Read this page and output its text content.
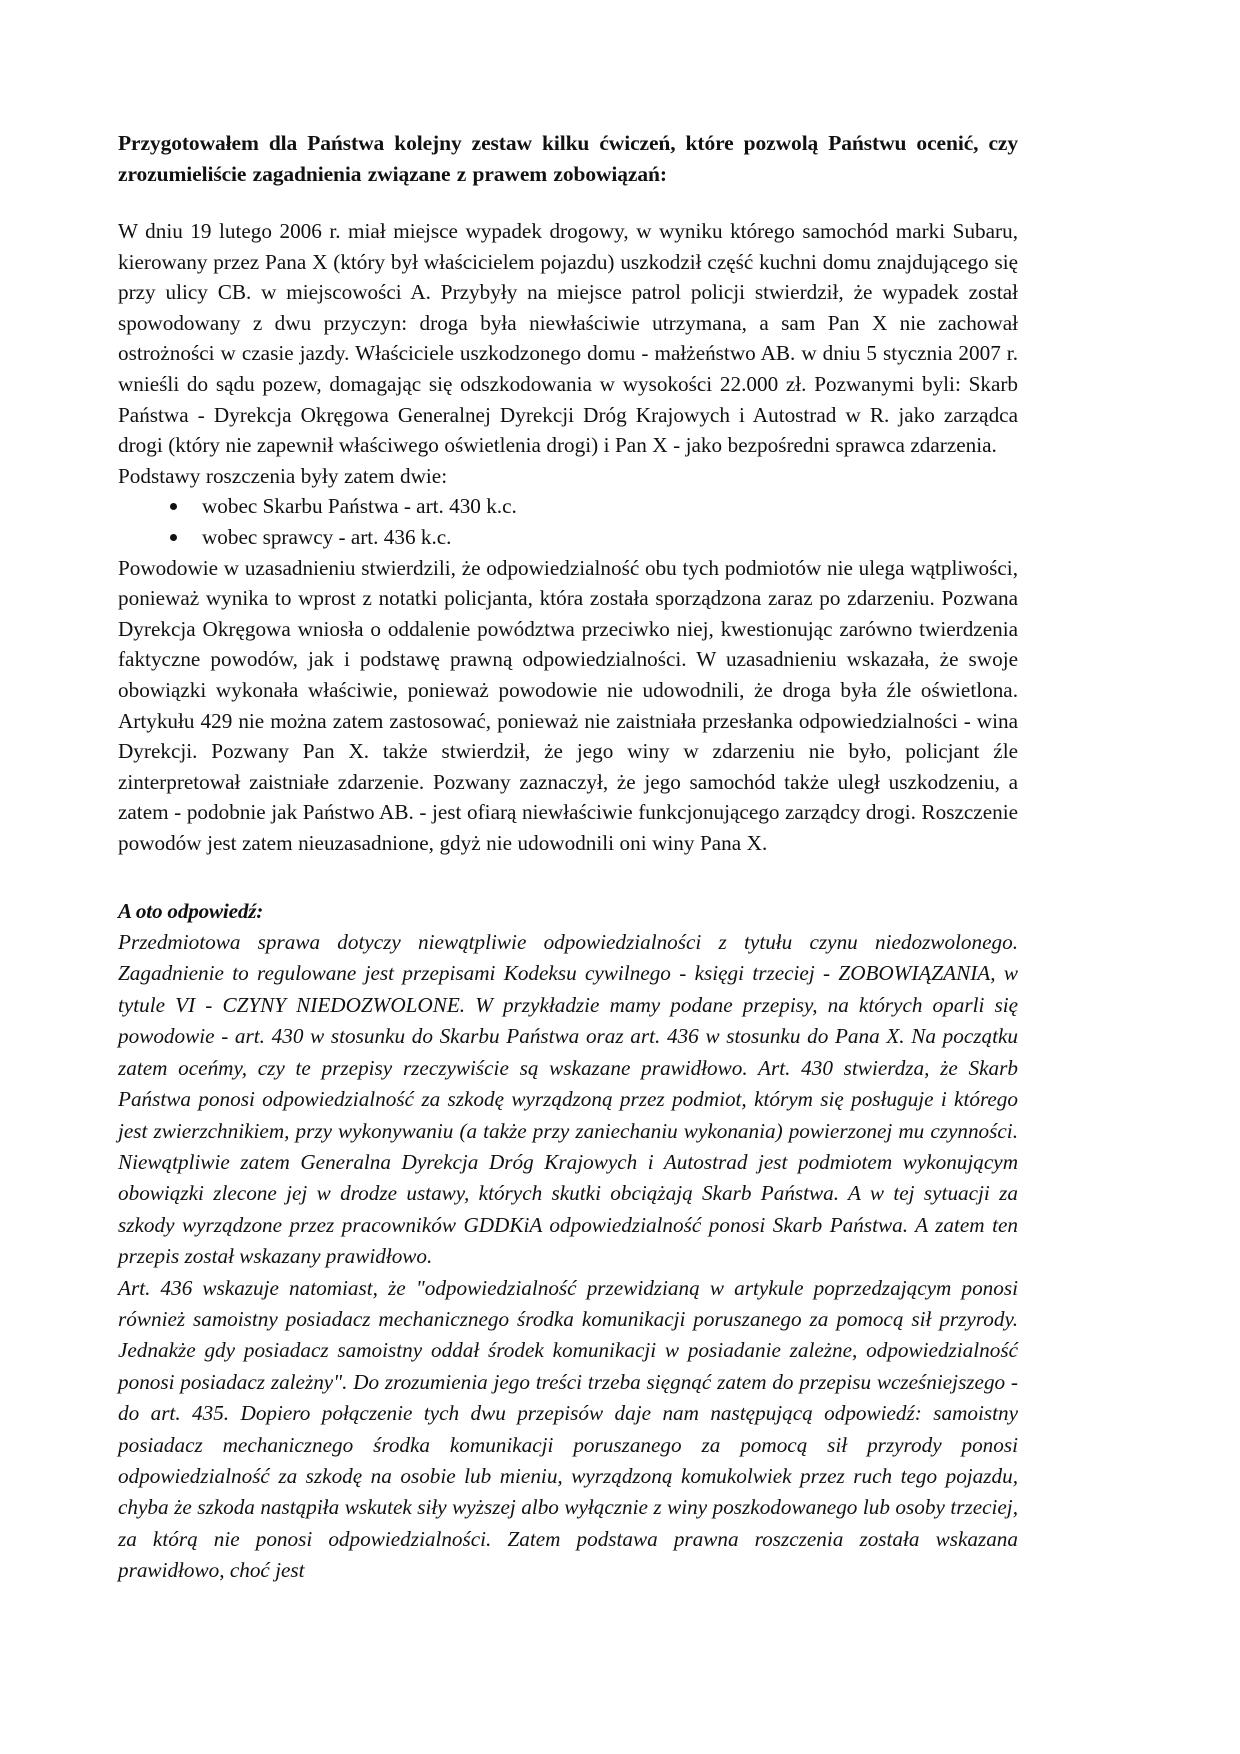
Przygotowałem dla Państwa kolejny zestaw kilku ćwiczeń, które pozwolą Państwu ocenić, czy zrozumieliście zagadnienia związane z prawem zobowiązań:

W dniu 19 lutego 2006 r. miał miejsce wypadek drogowy, w wyniku którego samochód marki Subaru, kierowany przez Pana X (który był właścicielem pojazdu) uszkodził część kuchni domu znajdującego się przy ulicy CB. w miejscowości A. Przybyły na miejsce patrol policji stwierdził, że wypadek został spowodowany z dwu przyczyn: droga była niewłaściwie utrzymana, a sam Pan X nie zachował ostrożności w czasie jazdy. Właściciele uszkodzonego domu - małżeństwo AB. w dniu 5 stycznia 2007 r. wnieśli do sądu pozew, domagając się odszkodowania w wysokości 22.000 zł. Pozwanymi byli: Skarb Państwa - Dyrekcja Okręgowa Generalnej Dyrekcji Dróg Krajowych i Autostrad w R. jako zarządca drogi (który nie zapewnił właściwego oświetlenia drogi) i Pan X - jako bezpośredni sprawca zdarzenia.

Podstawy roszczenia były zatem dwie:

wobec Skarbu Państwa - art. 430 k.c.
wobec sprawcy - art. 436 k.c.

Powodowie w uzasadnieniu stwierdzili, że odpowiedzialność obu tych podmiotów nie ulega wątpliwości, ponieważ wynika to wprost z notatki policjanta, która została sporządzona zaraz po zdarzeniu. Pozwana Dyrekcja Okręgowa wniosła o oddalenie powództwa przeciwko niej, kwestionując zarówno twierdzenia faktyczne powodów, jak i podstawę prawną odpowiedzialności. W uzasadnieniu wskazała, że swoje obowiązki wykonała właściwie, ponieważ powodowie nie udowodnili, że droga była źle oświetlona. Artykułu 429 nie można zatem zastosować, ponieważ nie zaistniała przesłanka odpowiedzialności - wina Dyrekcji. Pozwany Pan X. także stwierdził, że jego winy w zdarzeniu nie było, policjant źle zinterpretował zaistniałe zdarzenie. Pozwany zaznaczył, że jego samochód także uległ uszkodzeniu, a zatem - podobnie jak Państwo AB. - jest ofiarą niewłaściwie funkcjonującego zarządcy drogi. Roszczenie powodów jest zatem nieuzasadnione, gdyż nie udowodnili oni winy Pana X.

A oto odpowiedź:

Przedmiotowa sprawa dotyczy niewątpliwie odpowiedzialności z tytułu czynu niedozwolonego. Zagadnienie to regulowane jest przepisami Kodeksu cywilnego - księgi trzeciej - ZOBOWIĄZANIA, w tytule VI - CZYNY NIEDOZWOLONE. W przykładzie mamy podane przepisy, na których oparli się powodowie - art. 430 w stosunku do Skarbu Państwa oraz art. 436 w stosunku do Pana X. Na początku zatem oceńmy, czy te przepisy rzeczywiście są wskazane prawidłowo. Art. 430 stwierdza, że Skarb Państwa ponosi odpowiedzialność za szkodę wyrządzoną przez podmiot, którym się posługuje i którego jest zwierzchnikiem, przy wykonywaniu (a także przy zaniechaniu wykonania) powierzonej mu czynności. Niewątpliwie zatem Generalna Dyrekcja Dróg Krajowych i Autostrad jest podmiotem wykonującym obowiązki zlecone jej w drodze ustawy, których skutki obciążają Skarb Państwa. A w tej sytuacji za szkody wyrządzone przez pracowników GDDKiA odpowiedzialność ponosi Skarb Państwa. A zatem ten przepis został wskazany prawidłowo.

Art. 436 wskazuje natomiast, że "odpowiedzialność przewidzianą w artykule poprzedzającym ponosi również samoistny posiadacz mechanicznego środka komunikacji poruszanego za pomocą sił przyrody. Jednakże gdy posiadacz samoistny oddał środek komunikacji w posiadanie zależne, odpowiedzialność ponosi posiadacz zależny". Do zrozumienia jego treści trzeba sięgnąć zatem do przepisu wcześniejszego - do art. 435. Dopiero połączenie tych dwu przepisów daje nam następującą odpowiedź: samoistny posiadacz mechanicznego środka komunikacji poruszanego za pomocą sił przyrody ponosi odpowiedzialność za szkodę na osobie lub mieniu, wyrządzoną komukolwiek przez ruch tego pojazdu, chyba że szkoda nastąpiła wskutek siły wyższej albo wyłącznie z winy poszkodowanego lub osoby trzeciej, za którą nie ponosi odpowiedzialności. Zatem podstawa prawna roszczenia została wskazana prawidłowo, choć jest
